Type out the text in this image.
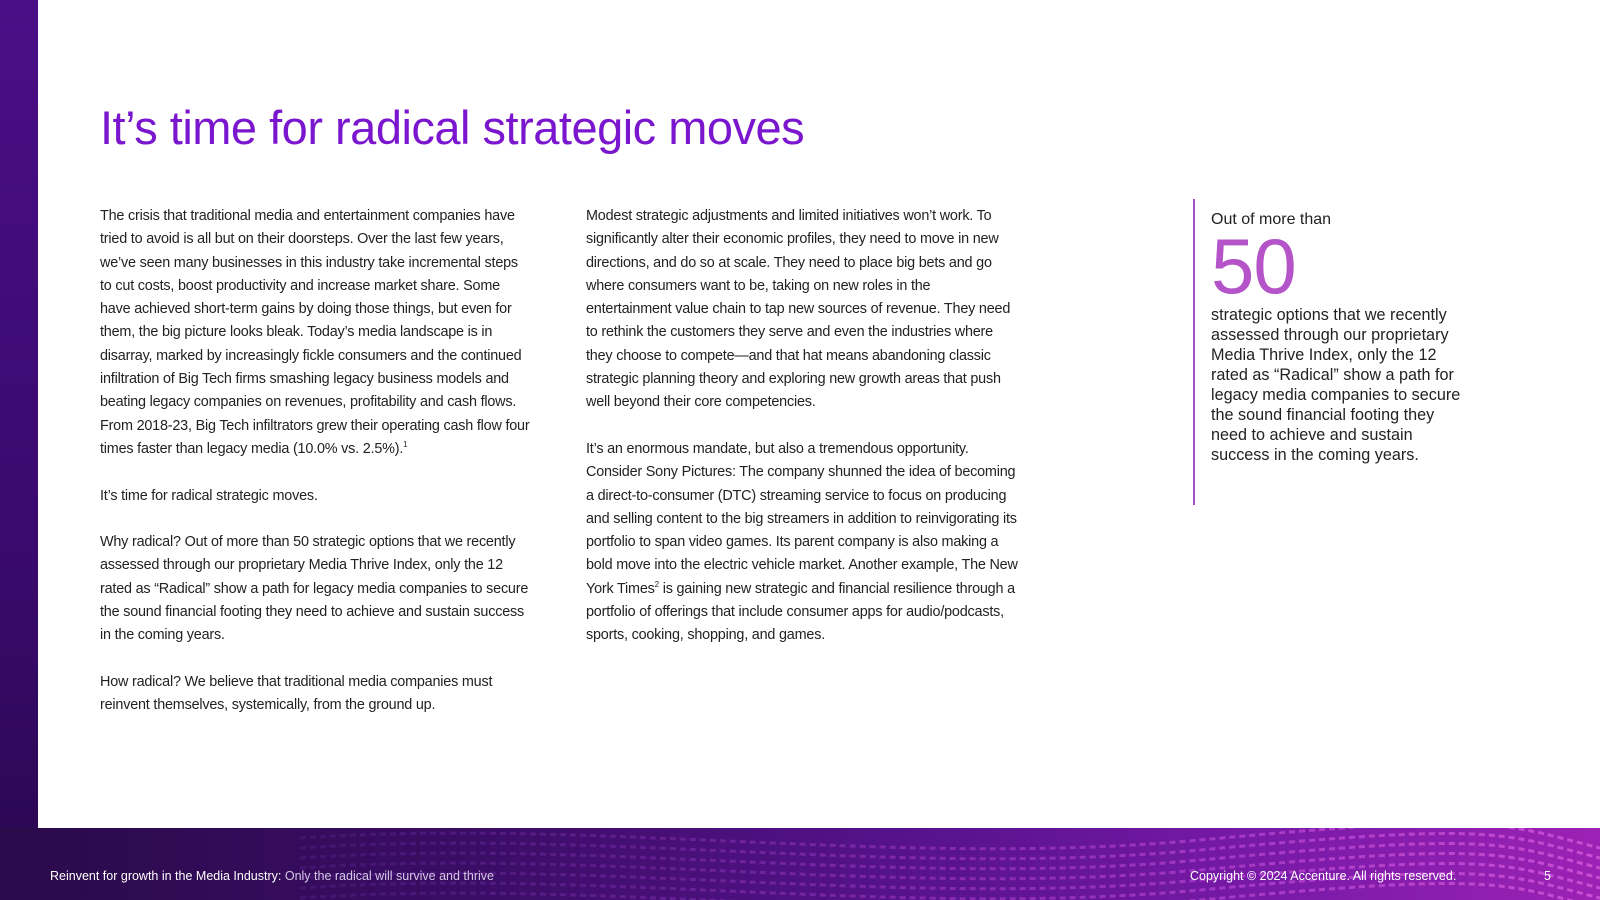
It’s time for radical strategic moves

The crisis that traditional media and entertainment companies have tried to avoid is all but on their doorsteps. Over the last few years, we’ve seen many businesses in this industry take incremental steps to cut costs, boost productivity and increase market share. Some have achieved short-term gains by doing those things, but even for them, the big picture looks bleak. Today’s media landscape is in disarray, marked by increasingly fickle consumers and the continued infiltration of Big Tech firms smashing legacy business models and beating legacy companies on revenues, profitability and cash flows. From 2018-23, Big Tech infiltrators grew their operating cash flow four times faster than legacy media (10.0% vs. 2.5%).$^1$

It’s time for radical strategic moves.

Why radical? Out of more than 50 strategic options that we recently assessed through our proprietary Media Thrive Index, only the 12 rated as “Radical” show a path for legacy media companies to secure the sound financial footing they need to achieve and sustain success in the coming years.

How radical? We believe that traditional media companies must reinvent themselves, systemically, from the ground up.

Modest strategic adjustments and limited initiatives won’t work. To significantly alter their economic profiles, they need to move in new directions, and do so at scale. They need to place big bets and go where consumers want to be, taking on new roles in the entertainment value chain to tap new sources of revenue. They need to rethink the customers they serve and even the industries where they choose to compete—and that hat means abandoning classic strategic planning theory and exploring new growth areas that push well beyond their core competencies.

It’s an enormous mandate, but also a tremendous opportunity. Consider Sony Pictures: The company shunned the idea of becoming a direct-to-consumer (DTC) streaming service to focus on producing and selling content to the big streamers in addition to reinvigorating its portfolio to span video games. Its parent company is also making a bold move into the electric vehicle market. Another example, The New York Times$^2$ is gaining new strategic and financial resilience through a portfolio of offerings that include consumer apps for audio/podcasts, sports, cooking, shopping, and games.

Out of more than

50

strategic options that we recently assessed through our proprietary Media Thrive Index, only the 12 rated as “Radical” show a path for legacy media companies to secure the sound financial footing they need to achieve and sustain success in the coming years.

Reinvent for growth in the Media Industry: Only the radical will survive and thrive	Copyright © 2024 Accenture. All rights reserved.	5
